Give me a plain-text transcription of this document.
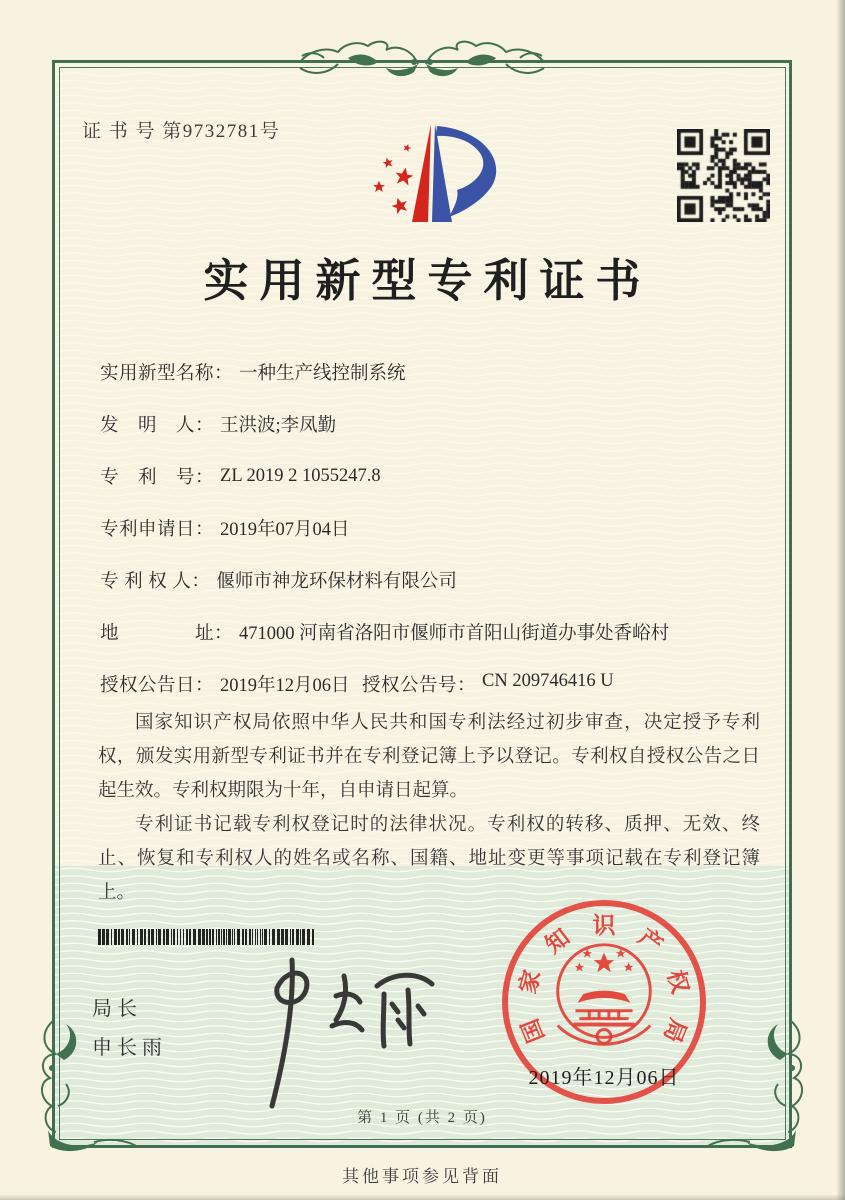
证 书 号 第9732781号
实用新型专利证书
实用新型名称： 一种生产线控制系统
发　明　人： 王洪波;李凤勤
专　利　号： ZL 2019 2 1055247.8
专利申请日： 2019年07月04日
专 利 权 人： 偃师市神龙环保材料有限公司
地　　　　址： 471000 河南省洛阳市偃师市首阳山街道办事处香峪村
授权公告日： 2019年12月06日 授权公告号： CN 209746416 U

国家知识产权局依照中华人民共和国专利法经过初步审查，决定授予专利权，颁发实用新型专利证书并在专利登记簿上予以登记。专利权自授权公告之日起生效。专利权期限为十年，自申请日起算。

专利证书记载专利权登记时的法律状况。专利权的转移、质押、无效、终止、恢复和专利权人的姓名或名称、国籍、地址变更等事项记载在专利登记簿上。

局长
申长雨
国
家
知 识 产
权
局
2019年12月06日
第 1 页 (共 2 页)
其他事项参见背面
